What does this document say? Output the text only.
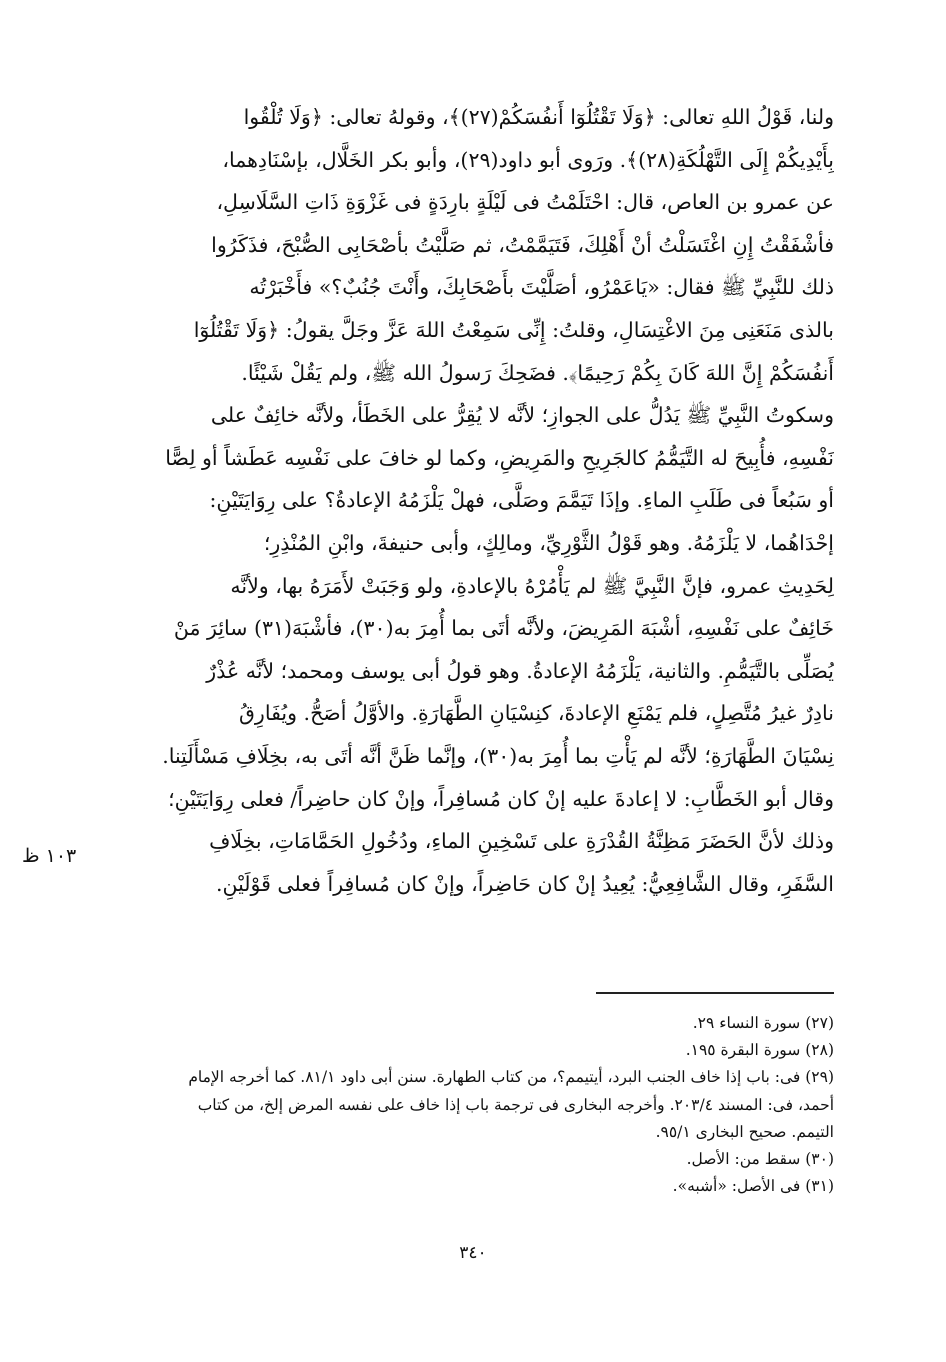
ولنا، قَوْلُ اللهِ تعالى: ﴿وَلَا تَقْتُلُوٓا أَنفُسَكُمْ(٢٧)﴾، وقولهُ تعالى: ﴿وَلَا تُلْقُوا
بِأَيْدِيكُمْ إِلَى التَّهْلُكَةِ(٢٨)﴾. ورَوى أبو داود(٢٩)، وأبو بكر الخَلَّال، بإسْنَادِهما،
عن عمرو بن العاص، قال: احْتَلَمْتُ فى لَيْلَةٍ بارِدَةٍ فى غَزْوَةِ ذَاتِ السَّلَاسِلِ،
فأشْفَقْتُ إِنِ اغْتَسَلْتُ أنْ أَهْلِكَ، فَتَيَمَّمْتُ، ثم صَلَّيْتُ بأصْحَابِى الصُّبْحَ، فذَكَرُوا
ذلك للنَّبِيِّ ﷺ فقال: «يَاعَمْرُو، أصَلَّيْتَ بأَصْحَابِكَ، وأَنْتَ جُنُبٌ؟» فأَخْبَرْتُه
بالذى مَنَعَنِى مِنَ الاغْتِسَالِ، وقلتُ: إِنِّى سَمِعْتُ اللهَ عَزَّ وجَلَّ يقولُ: ﴿وَلَا تَقْتُلُوٓا
أَنفُسَكُمْ إِنَّ اللهَ كَانَ بِكُمْ رَحِيمًا﴾. فضَحِكَ رَسولُ الله ﷺ، ولم يَقُلْ شَيْئًا.
وسكوتُ النَّبِيِّ ﷺ يَدُلُّ على الجوازِ؛ لأنَّه لا يُقِرُّ على الخَطَأ، ولأنَّه خائِفٌ على
نَفْسِهِ، فأُبِيحَ له التَّيَمُّمُ كالجَرِيحِ والمَرِيضِ، وكما لو خافَ على نَفْسِه عَطَشاً أو لِصًّا
أو سَبُعاً فى طَلَبِ الماءِ. وإذَا تَيَمَّمَ وصَلَّى، فهلْ يَلْزَمُهُ الإعادةُ؟ على رِوَايَتَيْنِ:
إحْدَاهُما، لا يَلْزَمُهُ. وهو قَوْلُ الثَّوْرِيِّ، ومالِكٍ، وأبى حنيفةَ، وابْنِ المُنْذِرِ؛
لِحَدِيثِ عمرو، فإنَّ النَّبِيَّ ﷺ لم يَأْمُرْهُ بالإعادةِ، ولو وَجَبَتْ لأَمَرَهُ بها، ولأنَّه
خَائِفٌ على نَفْسِهِ، أشْبَهَ المَرِيضَ، ولأنَّه أتَى بما أُمِرَ به(٣٠)، فأشْبَهَ(٣١) سائِرَ مَنْ
يُصَلِّى بالتَّيَمُّمِ. والثانية، يَلْزَمُهُ الإعادةُ. وهو قولُ أبى يوسف ومحمد؛ لأنَّه عُذْرٌ
نادِرٌ غيرُ مُتَّصِلٍ، فلم يَمْنَعِ الإعادةَ، كنِسْيَانِ الطَّهَارَةِ. والأوَّلُ أصَحُّ. ويُفَارِقُ
نِسْيَانَ الطَّهَارَةِ؛ لأنَّه لم يَأْتِ بما أُمِرَ به(٣٠)، وإنَّما ظَنَّ أنَّه أتَى به، بخِلَافِ مَسْأَلَتِنا.
وقال أبو الخَطَّابِ: لا إعادةَ عليه إنْ كان مُسافِراً، وإنْ كان حاضِراً/ فعلى رِوَايَتَيْنِ؛
وذلك لأنَّ الحَضَرَ مَظِنَّةُ القُدْرَةِ على تَسْخِينِ الماءِ، ودُخُولِ الحَمَّامَاتِ، بخِلَافِ
السَّفَرِ، وقال الشَّافِعِيُّ: يُعِيدُ إنْ كان حَاضِراً، وإنْ كان مُسافِراً فعلى قَوْلَيْنِ.
١٠٣ ظ
(٢٧) سورة النساء ٢٩.
(٢٨) سورة البقرة ١٩٥.
(٢٩) فى: باب إذا خاف الجنب البرد، أيتيمم؟، من كتاب الطهارة. سنن أبى داود ٨١/١. كما أخرجه الإمام
أحمد، فى: المسند ٢٠٣/٤. وأخرجه البخارى فى ترجمة باب إذا خاف على نفسه المرض إلخ، من كتاب
التيمم. صحيح البخارى ٩٥/١.
(٣٠) سقط من: الأصل.
(٣١) فى الأصل: «أشبه».
٣٤٠
